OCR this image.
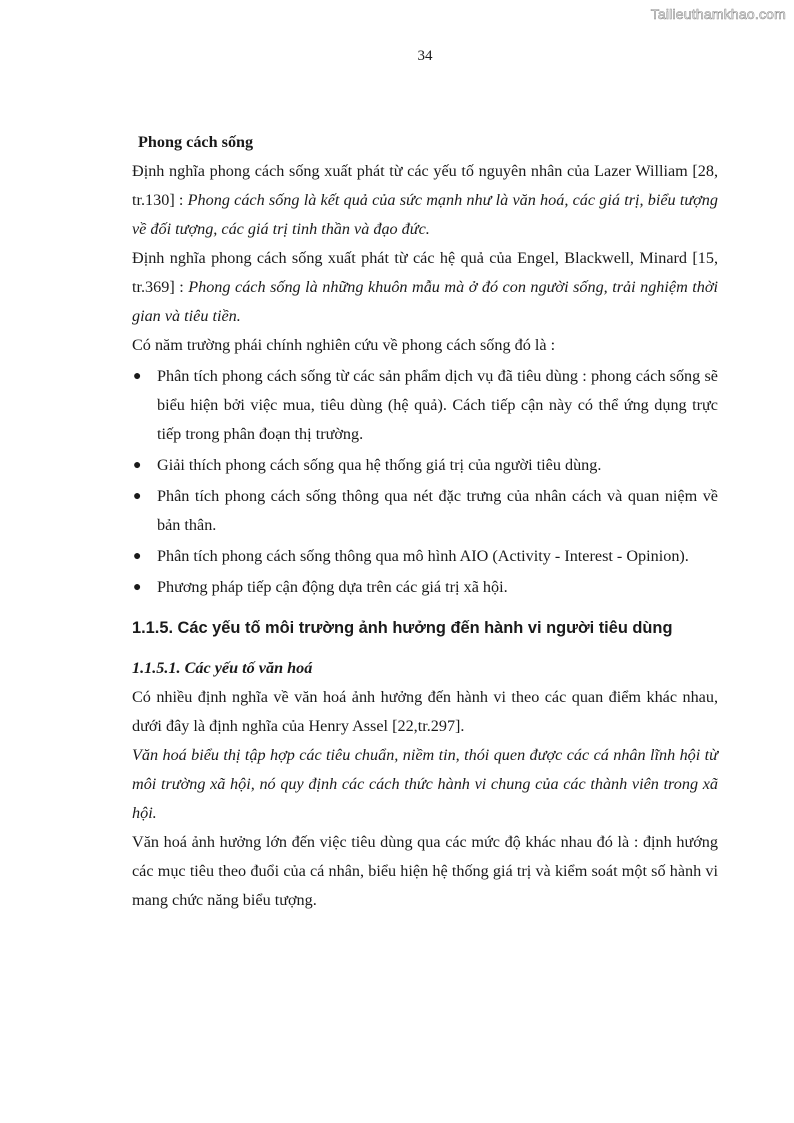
Tailieuthamkhao.com
34

Phong cách sống

Định nghĩa phong cách sống xuất phát từ các yếu tố nguyên nhân của Lazer William [28, tr.130] : Phong cách sống là kết quả của sức mạnh như là văn hoá, các giá trị, biểu tượng về đối tượng, các giá trị tinh thần và đạo đức.

Định nghĩa phong cách sống xuất phát từ các hệ quả của Engel, Blackwell, Minard [15, tr.369] : Phong cách sống là những khuôn mẫu mà ở đó con người sống, trải nghiệm thời gian và tiêu tiền.

Có năm trường phái chính nghiên cứu về phong cách sống đó là :

● Phân tích phong cách sống từ các sản phẩm dịch vụ đã tiêu dùng : phong cách sống sẽ biểu hiện bởi việc mua, tiêu dùng (hệ quả). Cách tiếp cận này có thể ứng dụng trực tiếp trong phân đoạn thị trường.
● Giải thích phong cách sống qua hệ thống giá trị của người tiêu dùng.
● Phân tích phong cách sống thông qua nét đặc trưng của nhân cách và quan niệm về bản thân.
● Phân tích phong cách sống thông qua mô hình AIO (Activity - Interest - Opinion).
● Phương pháp tiếp cận động dựa trên các giá trị xã hội.

1.1.5. Các yếu tố môi trường ảnh hưởng đến hành vi người tiêu dùng

1.1.5.1. Các yếu tố văn hoá

Có nhiều định nghĩa về văn hoá ảnh hưởng đến hành vi theo các quan điểm khác nhau, dưới đây là định nghĩa của Henry Assel [22,tr.297].

Văn hoá biểu thị tập hợp các tiêu chuẩn, niềm tin, thói quen được các cá nhân lĩnh hội từ môi trường xã hội, nó quy định các cách thức hành vi chung của các thành viên trong xã hội.

Văn hoá ảnh hưởng lớn đến việc tiêu dùng qua các mức độ khác nhau đó là : định hướng các mục tiêu theo đuổi của cá nhân, biểu hiện hệ thống giá trị và kiểm soát một số hành vi mang chức năng biểu tượng.
